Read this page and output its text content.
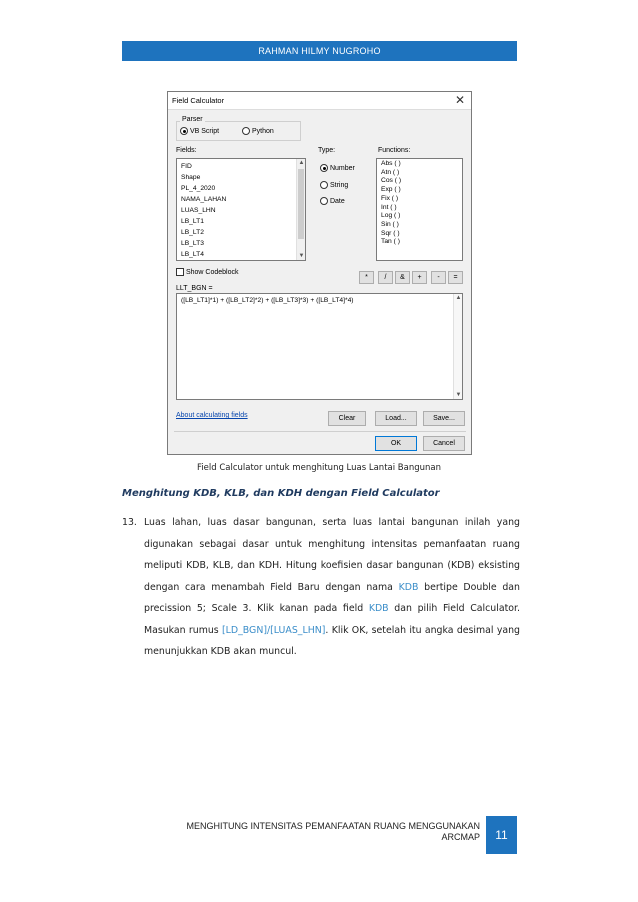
RAHMAN HILMY NUGROHO
Field Calculator	✕
Parser
VB Script	Python
Fields:
FID
Shape
PL_4_2020
NAMA_LAHAN
LUAS_LHN
LB_LT1
LB_LT2
LB_LT3
LB_LT4
▲
▼
Type:
Number
String
Date
Functions:
Abs ( )
Atn ( )
Cos ( )
Exp ( )
Fix ( )
Int ( )
Log ( )
Sin ( )
Sqr ( )
Tan ( )
Show Codeblock
*	/	&	+	-	=
LLT_BGN =
([LB_LT1]*1) + ([LB_LT2]*2) + ([LB_LT3]*3) + ([LB_LT4]*4)	▲
▼
About calculating fields	Clear	Load...	Save...
OK	Cancel
Field Calculator untuk menghitung Luas Lantai Bangunan
Menghitung KDB, KLB, dan KDH dengan Field Calculator
13. Luas lahan, luas dasar bangunan, serta luas lantai bangunan inilah yang digunakan sebagai dasar untuk menghitung intensitas pemanfaatan ruang meliputi KDB, KLB, dan KDH. Hitung koefisien dasar bangunan (KDB) eksisting dengan cara menambah Field Baru dengan nama KDB bertipe Double dan precission 5; Scale 3. Klik kanan pada field KDB dan pilih Field Calculator. Masukan rumus [LD_BGN]/[LUAS_LHN]. Klik OK, setelah itu angka desimal yang menunjukkan KDB akan muncul.
MENGHITUNG INTENSITAS PEMANFAATAN RUANG MENGGUNAKAN
ARCMAP	11
